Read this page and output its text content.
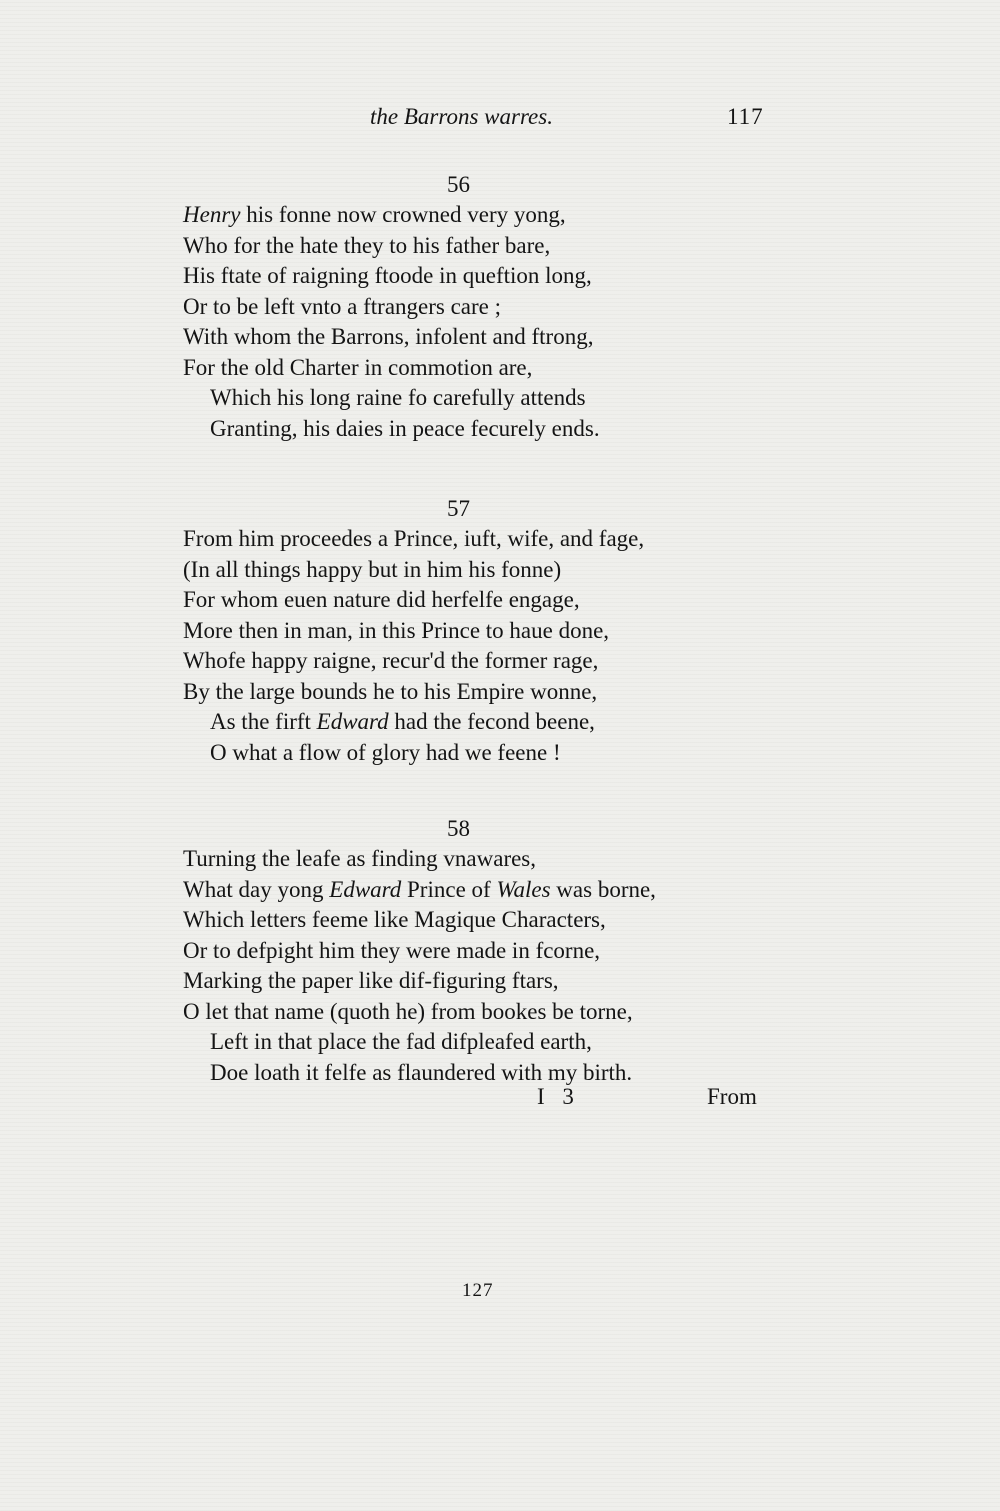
the Barrons warres.	117
56
Henry his fonne now crowned very yong,
Who for the hate they to his father bare,
His ftate of raigning ftoode in queftion long,
Or to be left vnto a ftrangers care ;
With whom the Barrons, infolent and ftrong,
For the old Charter in commotion are,
Which his long raine fo carefully attends
Granting, his daies in peace fecurely ends.
57
From him proceedes a Prince, iuft, wife, and fage,
(In all things happy but in him his fonne)
For whom euen nature did herfelfe engage,
More then in man, in this Prince to haue done,
Whofe happy raigne, recur'd the former rage,
By the large bounds he to his Empire wonne,
As the firft Edward had the fecond beene,
O what a flow of glory had we feene !
58
Turning the leafe as finding vnawares,
What day yong Edward Prince of Wales was borne,
Which letters feeme like Magique Characters,
Or to defpight him they were made in fcorne,
Marking the paper like dif-figuring ftars,
O let that name (quoth he) from bookes be torne,
Left in that place the fad difpleafed earth,
Doe loath it felfe as flaundered with my birth.
I 3	From
127
